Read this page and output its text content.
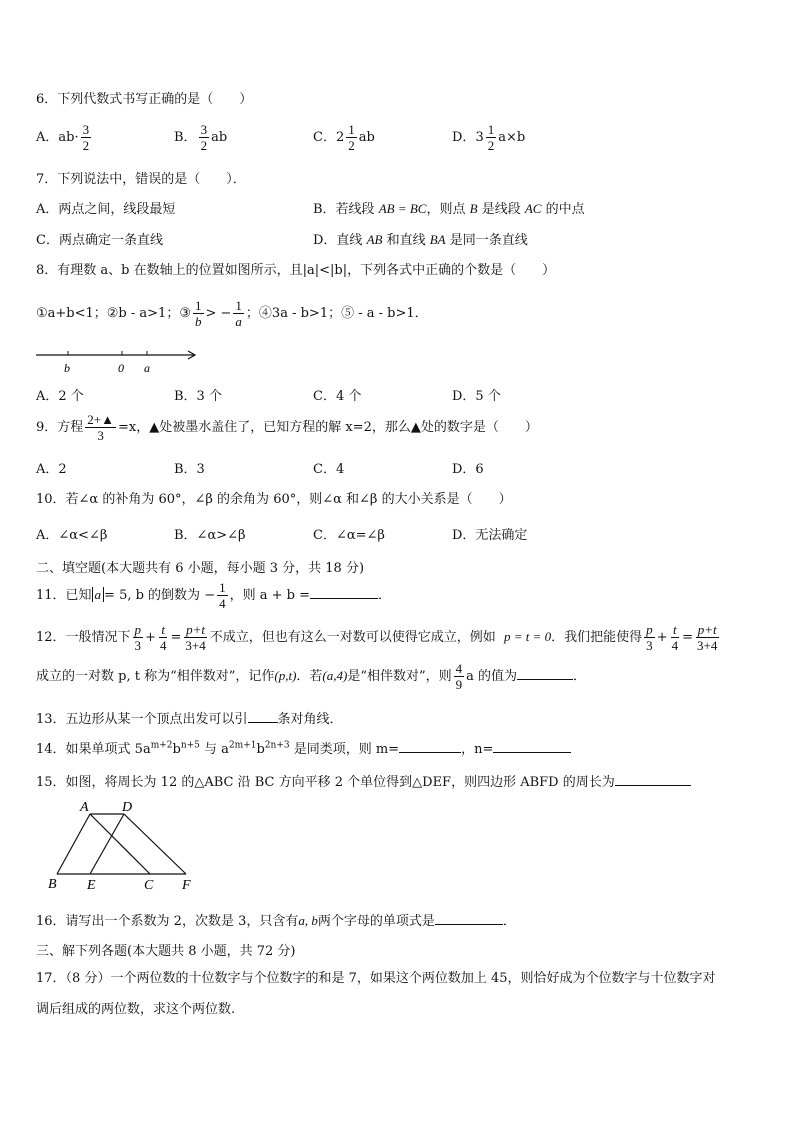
6．下列代数式书写正确的是（　　）
A．$ab\cdot \frac{3}{2}$	B． $\frac{3}{2}$ ab	C．$2 \frac{1}{2}$ ab	D．$3 \frac{1}{2} a\times b$
7．下列说法中，错误的是（　　）．
A．两点之间，线段最短	B．若线段 AB = BC，则点 B 是线段 AC 的中点
C．两点确定一条直线	D．直线 AB 和直线 BA 是同一条直线
8．有理数 a、b 在数轴上的位置如图所示，且|a|<|b|，下列各式中正确的个数是（　　）
①a+b<1；②b - a>1；③ $\frac{1}{b}$ > − $\frac{1}{a}$ ；④3a - b>1；⑤ - a - b>1．
b	0 a
A．2 个	B．3 个	C．4 个	D．5 个
9．方程 $\frac{2+▲}{3} =x$，▲处被墨水盖住了，已知方程的解 x=2，那么▲处的数字是（　　）
A．2	B．3	C．4	D．6
10．若∠α 的补角为 60°，∠β 的余角为 60°，则∠α 和∠β 的大小关系是（　　）
A．∠α<∠β	B．∠α>∠β	C．∠α=∠β	D．无法确定
二、填空题(本大题共有 6 小题，每小题 3 分，共 18 分)
11．已知 a = 5, b 的倒数为 − $\frac{1}{4}$ ，则 a + b =	．
12．一般情况下 $\frac{p}{3} + \frac{t}{4} = \frac{p+t}{3+4}$ 不成立，但也有这么一对数可以使得它成立，例如 p = t = 0．我们把能使得 $\frac{p}{3} + \frac{t}{4} = \frac{p+t}{3+4}$
成立的一对数 p, t 称为“相伴数对”，记作(p,t)．若(a,4)是“相伴数对”，则 $\frac{4}{9}$ a 的值为	．
13．五边形从某一个顶点出发可以引 条对角线．
14．如果单项式 $5a^{m+2}b^{n+5}$ 与 $a^{2m+1}b^{2n+3}$ 是同类项，则 m=	，n=
15．如图，将周长为 12 的△ABC 沿 BC 方向平移 2 个单位得到△DEF，则四边形 ABFD 的周长为
A D
B E	C F
16．请写出一个系数为 2，次数是 3，只含有a, b两个字母的单项式是	．
三、解下列各题(本大题共 8 小题，共 72 分)
17．（8 分）一个两位数的十位数字与个位数字的和是 7，如果这个两位数加上 45，则恰好成为个位数字与十位数字对
调后组成的两位数，求这个两位数.
